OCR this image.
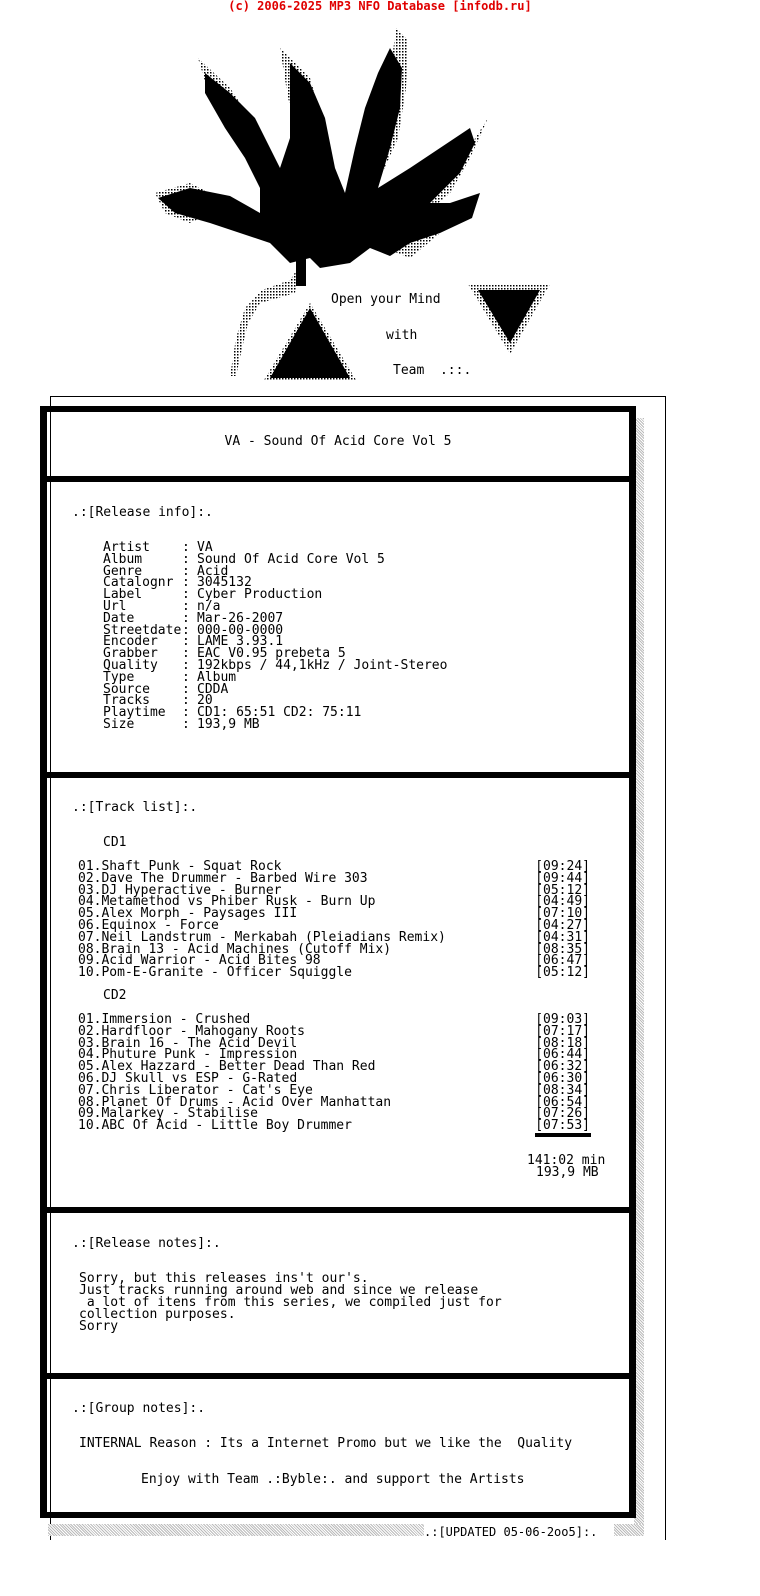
(c) 2006-2025 MP3 NFO Database [infodb.ru]
Open your Mind
with
Team  .::.
.:[UPDATED 05-06-2oo5]:.
VA - Sound Of Acid Core Vol 5
.:[Release info]:.
Artist : VA
Album	: Sound Of Acid Core Vol 5
Genre	: Acid
Catalognr : 3045132
Label	: Cyber Production
Url	: n/a
Date	: Mar-26-2007
Streetdate : 000-00-0000
Encoder : LAME 3.93.1
Grabber : EAC V0.95 prebeta 5
Quality : 192kbps / 44,1kHz / Joint-Stereo
Type	: Album
Source : CDDA
Tracks : 20
Playtime : CD1: 65:51 CD2: 75:11
Size	: 193,9 MB
.:[Track list]:.
CD1
01.Shaft Punk - Squat Rock	[09:24]
02.Dave The Drummer - Barbed Wire 303	[09:44]
03.DJ Hyperactive - Burner	[05:12]
04.Metamethod vs Phiber Rusk - Burn Up	[04:49]
05.Alex Morph - Paysages III	[07:10]
06.Equinox - Force	[04:27]
07.Neil Landstrum - Merkabah (Pleiadians Remix)	[04:31]
08.Brain 13 - Acid Machines (Cutoff Mix)	[08:35]
09.Acid Warrior - Acid Bites 98	[06:47]
10.Pom-E-Granite - Officer Squiggle	[05:12]
CD2
01.Immersion - Crushed	[09:03]
02.Hardfloor - Mahogany Roots	[07:17]
03.Brain 16 - The Acid Devil	[08:18]
04.Phuture Punk - Impression	[06:44]
05.Alex Hazzard - Better Dead Than Red	[06:32]
06.DJ Skull vs ESP - G-Rated	[06:30]
07.Chris Liberator - Cat's Eye	[08:34]
08.Planet Of Drums - Acid Over Manhattan	[06:54]
09.Malarkey - Stabilise	[07:26]
10.ABC Of Acid - Little Boy Drummer	[07:53]
141:02 min
193,9 MB
.:[Release notes]:.
Sorry, but this releases ins't our's.
Just tracks running around web and since we release
a lot of itens from this series, we compiled just for
collection purposes.
Sorry
.:[Group notes]:.
INTERNAL Reason : Its a Internet Promo but we like the  Quality
Enjoy with Team .:Byble:. and support the Artists
